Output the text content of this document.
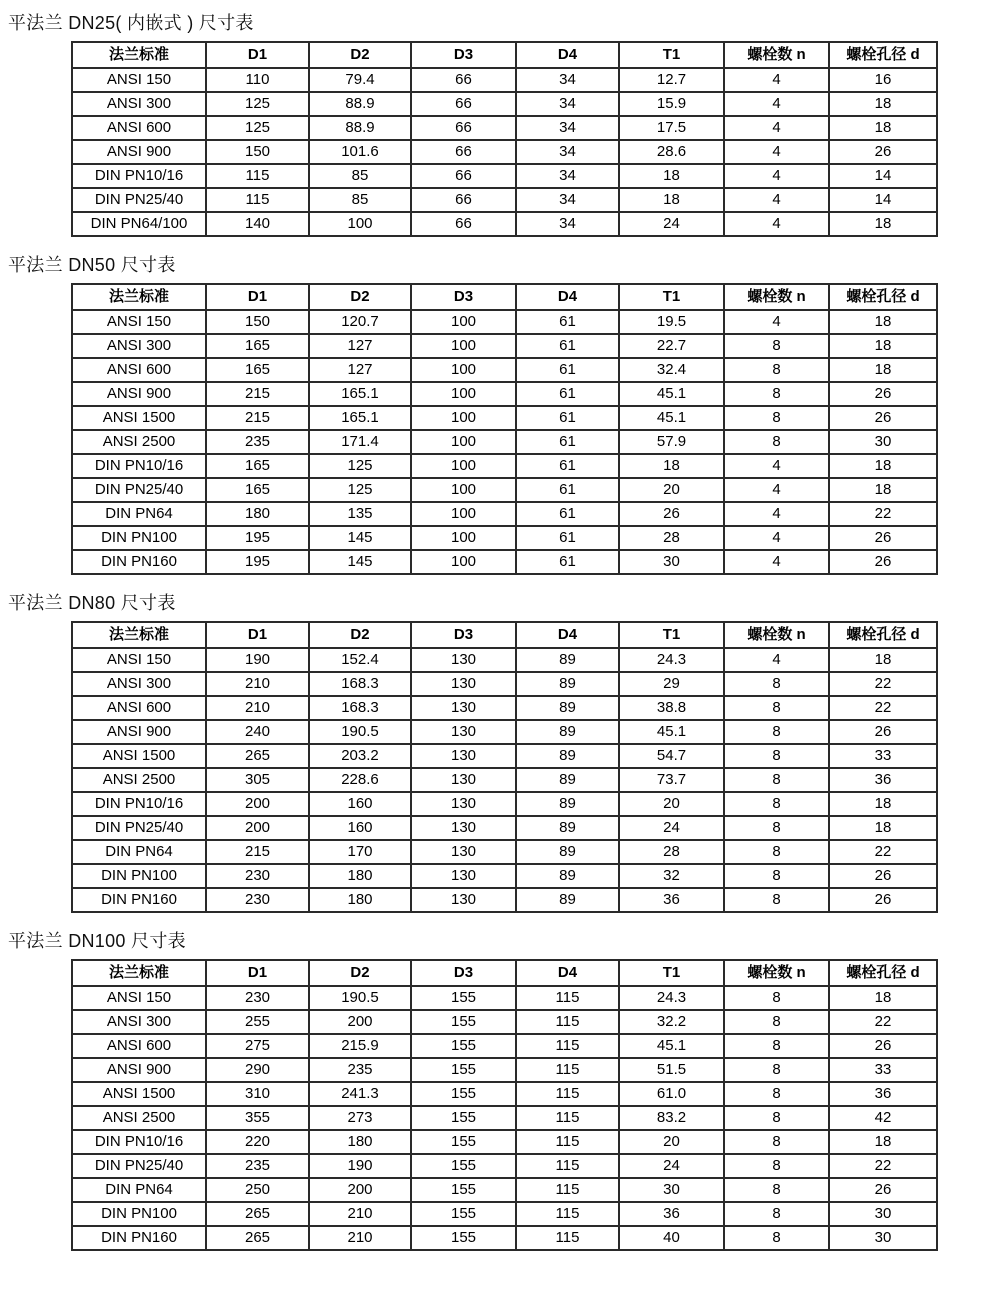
平法兰 DN25( 内嵌式 ) 尺寸表
法兰标准	D1	D2	D3	D4	T1	螺栓数 n	螺栓孔径 d
ANSI 150	110	79.4	66	34	12.7	4	16
ANSI 300	125	88.9	66	34	15.9	4	18
ANSI 600	125	88.9	66	34	17.5	4	18
ANSI 900	150	101.6	66	34	28.6	4	26
DIN PN10/16	115	85	66	34	18	4	14
DIN PN25/40	115	85	66	34	18	4	14
DIN PN64/100	140	100	66	34	24	4	18
平法兰 DN50 尺寸表
法兰标准	D1	D2	D3	D4	T1	螺栓数 n	螺栓孔径 d
ANSI 150	150	120.7	100	61	19.5	4	18
ANSI 300	165	127	100	61	22.7	8	18
ANSI 600	165	127	100	61	32.4	8	18
ANSI 900	215	165.1	100	61	45.1	8	26
ANSI 1500	215	165.1	100	61	45.1	8	26
ANSI 2500	235	171.4	100	61	57.9	8	30
DIN PN10/16	165	125	100	61	18	4	18
DIN PN25/40	165	125	100	61	20	4	18
DIN PN64	180	135	100	61	26	4	22
DIN PN100	195	145	100	61	28	4	26
DIN PN160	195	145	100	61	30	4	26
平法兰 DN80 尺寸表
法兰标准	D1	D2	D3	D4	T1	螺栓数 n	螺栓孔径 d
ANSI 150	190	152.4	130	89	24.3	4	18
ANSI 300	210	168.3	130	89	29	8	22
ANSI 600	210	168.3	130	89	38.8	8	22
ANSI 900	240	190.5	130	89	45.1	8	26
ANSI 1500	265	203.2	130	89	54.7	8	33
ANSI 2500	305	228.6	130	89	73.7	8	36
DIN PN10/16	200	160	130	89	20	8	18
DIN PN25/40	200	160	130	89	24	8	18
DIN PN64	215	170	130	89	28	8	22
DIN PN100	230	180	130	89	32	8	26
DIN PN160	230	180	130	89	36	8	26
平法兰 DN100 尺寸表
法兰标准	D1	D2	D3	D4	T1	螺栓数 n	螺栓孔径 d
ANSI 150	230	190.5	155	115	24.3	8	18
ANSI 300	255	200	155	115	32.2	8	22
ANSI 600	275	215.9	155	115	45.1	8	26
ANSI 900	290	235	155	115	51.5	8	33
ANSI 1500	310	241.3	155	115	61.0	8	36
ANSI 2500	355	273	155	115	83.2	8	42
DIN PN10/16	220	180	155	115	20	8	18
DIN PN25/40	235	190	155	115	24	8	22
DIN PN64	250	200	155	115	30	8	26
DIN PN100	265	210	155	115	36	8	30
DIN PN160	265	210	155	115	40	8	30
